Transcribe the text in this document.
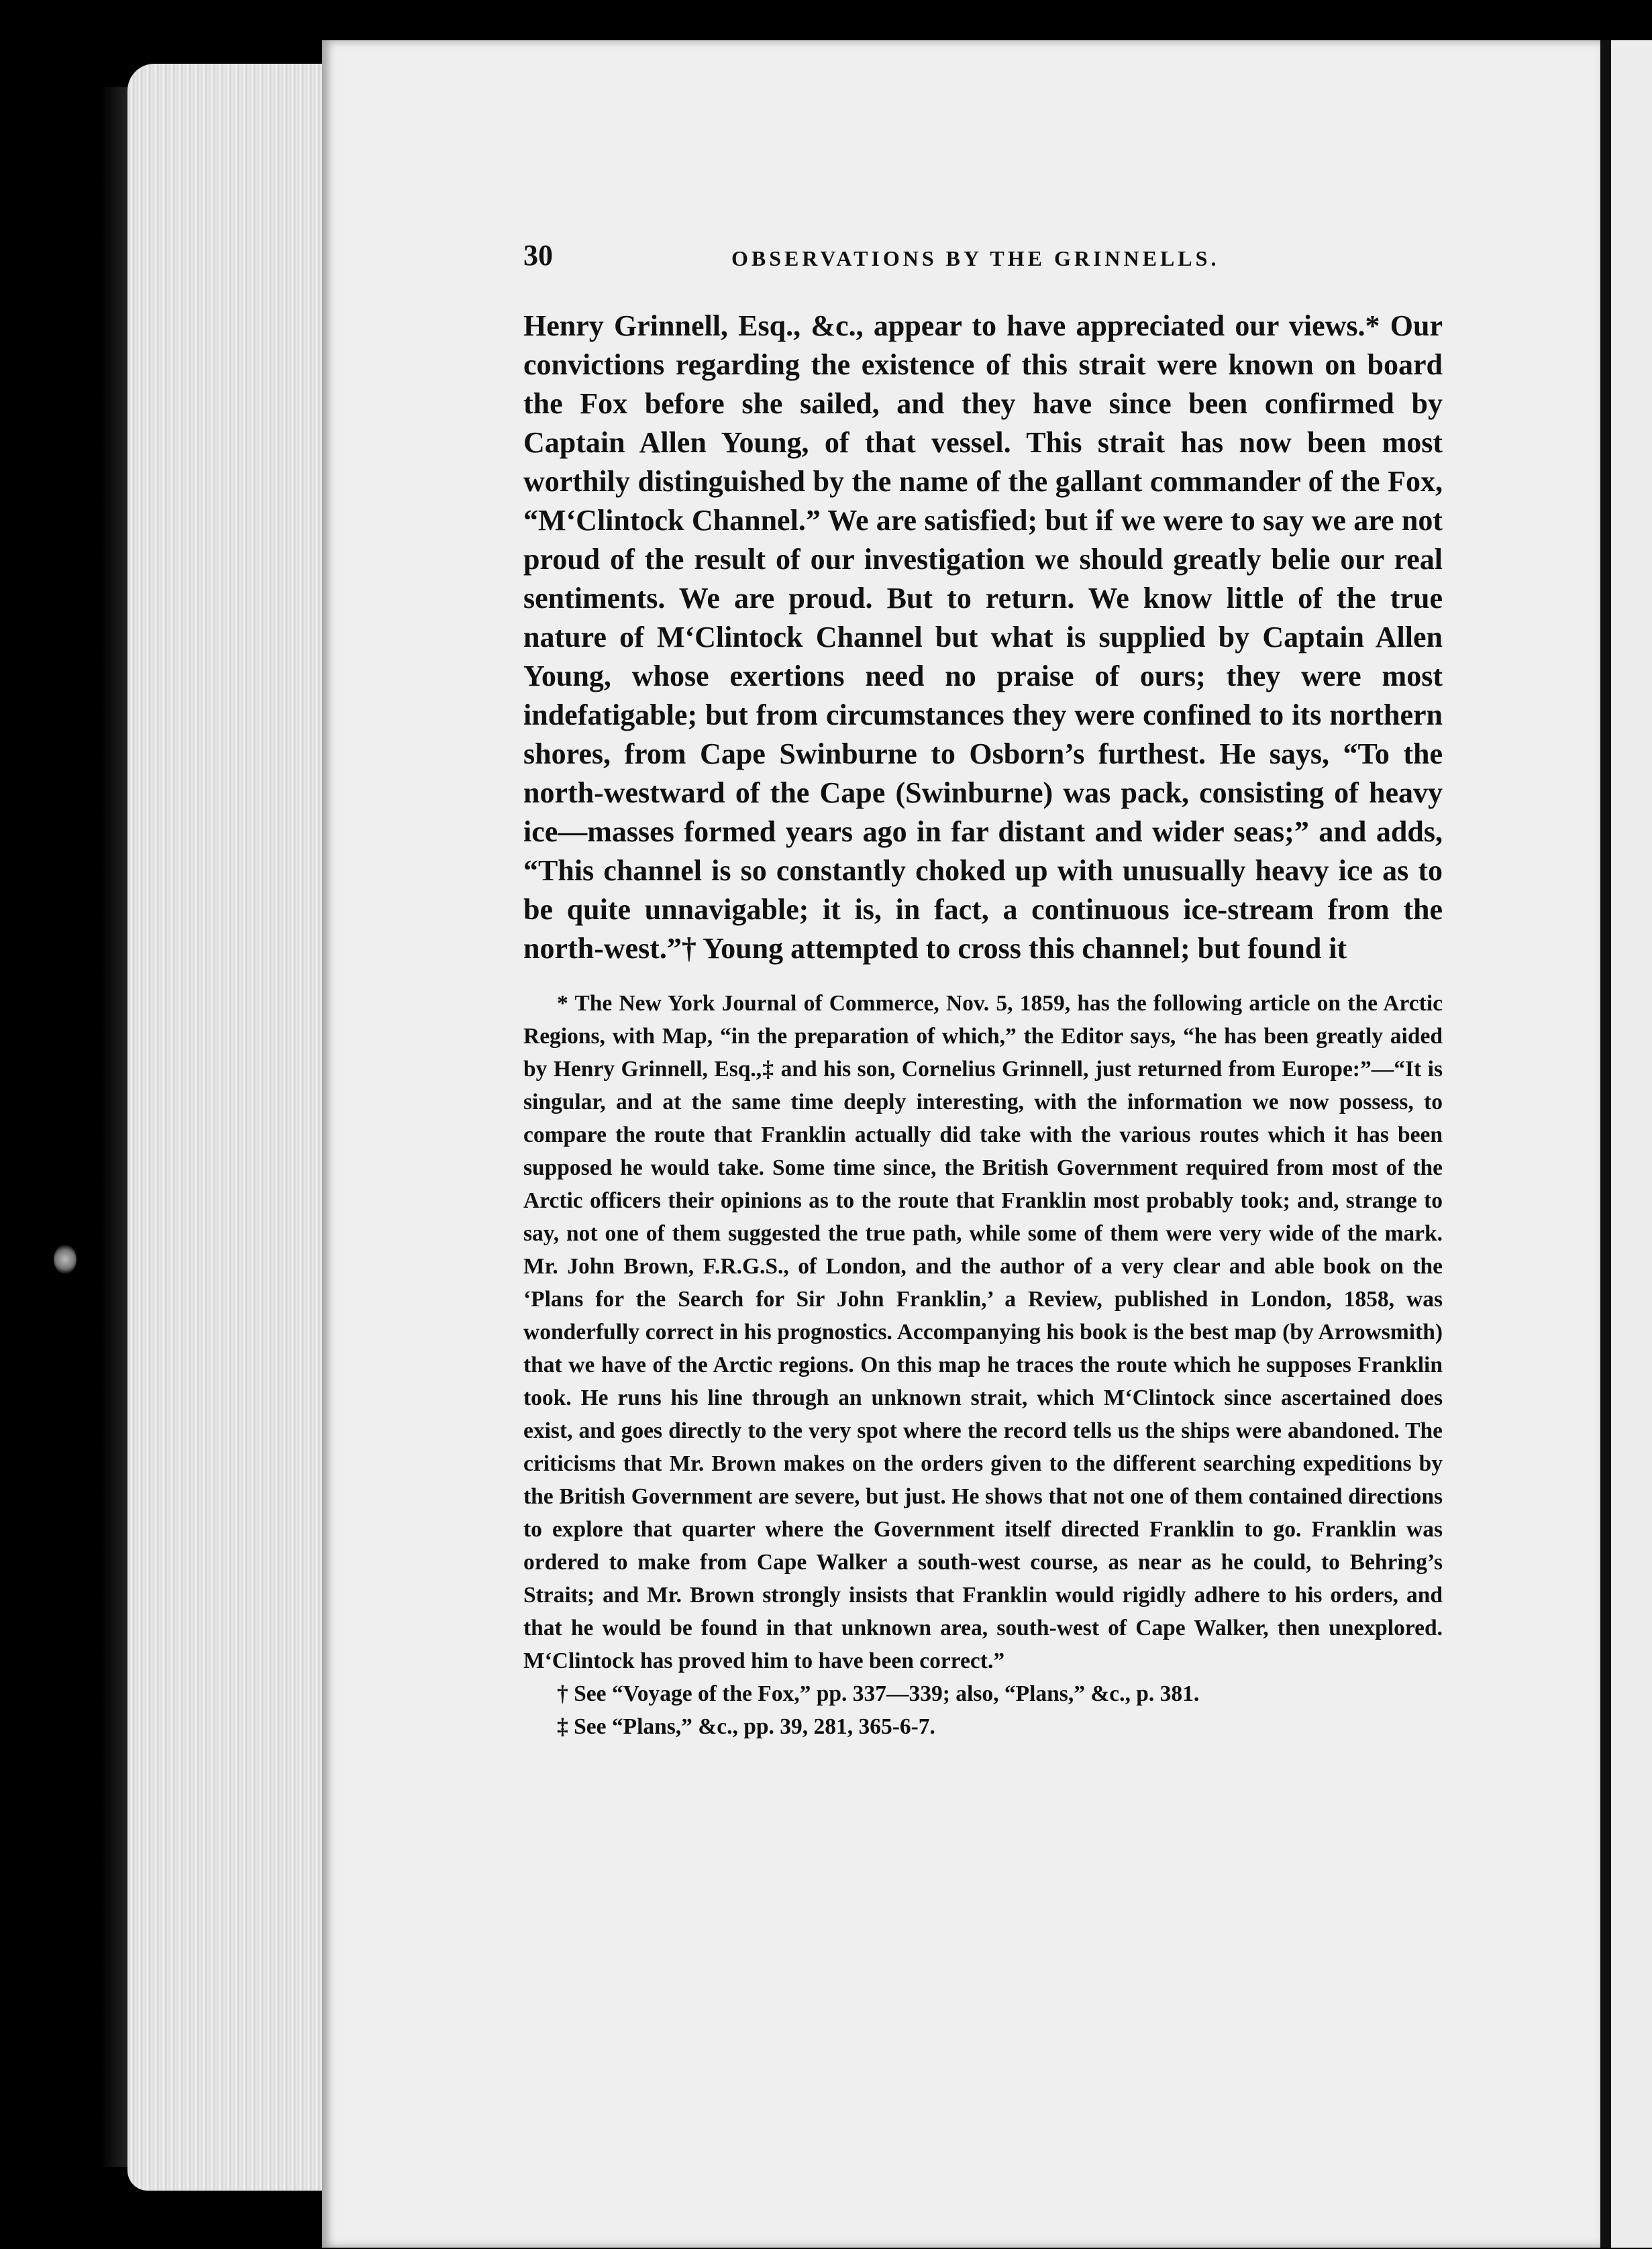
30	OBSERVATIONS BY THE GRINNELLS.

Henry Grinnell, Esq., &c., appear to have appreciated our views.* Our convictions regarding the existence of this strait were known on board the Fox before she sailed, and they have since been confirmed by Captain Allen Young, of that vessel. This strait has now been most worthily distinguished by the name of the gallant commander of the Fox, “M‘Clintock Channel.” We are satisfied; but if we were to say we are not proud of the result of our investigation we should greatly belie our real sentiments. We are proud. But to return. We know little of the true nature of M‘Clintock Channel but what is supplied by Captain Allen Young, whose exertions need no praise of ours; they were most indefatigable; but from circumstances they were confined to its northern shores, from Cape Swinburne to Osborn’s furthest. He says, “To the north-westward of the Cape (Swinburne) was pack, consisting of heavy ice—masses formed years ago in far distant and wider seas;” and adds, “This channel is so constantly choked up with unusually heavy ice as to be quite unnavigable; it is, in fact, a continuous ice-stream from the north-west.”† Young attempted to cross this channel; but found it

* The New York Journal of Commerce, Nov. 5, 1859, has the following article on the Arctic Regions, with Map, “in the preparation of which,” the Editor says, “he has been greatly aided by Henry Grinnell, Esq.,‡ and his son, Cornelius Grinnell, just returned from Europe:”—“It is singular, and at the same time deeply interesting, with the information we now possess, to compare the route that Franklin actually did take with the various routes which it has been supposed he would take. Some time since, the British Government required from most of the Arctic officers their opinions as to the route that Franklin most probably took; and, strange to say, not one of them suggested the true path, while some of them were very wide of the mark. Mr. John Brown, F.R.G.S., of London, and the author of a very clear and able book on the ‘Plans for the Search for Sir John Franklin,’ a Review, published in London, 1858, was wonderfully correct in his prognostics. Accompanying his book is the best map (by Arrowsmith) that we have of the Arctic regions. On this map he traces the route which he supposes Franklin took. He runs his line through an unknown strait, which M‘Clintock since ascertained does exist, and goes directly to the very spot where the record tells us the ships were abandoned. The criticisms that Mr. Brown makes on the orders given to the different searching expeditions by the British Government are severe, but just. He shows that not one of them contained directions to explore that quarter where the Government itself directed Franklin to go. Franklin was ordered to make from Cape Walker a south-west course, as near as he could, to Behring’s Straits; and Mr. Brown strongly insists that Franklin would rigidly adhere to his orders, and that he would be found in that unknown area, south-west of Cape Walker, then unexplored. M‘Clintock has proved him to have been correct.”

† See “Voyage of the Fox,” pp. 337—339; also, “Plans,” &c., p. 381.

‡ See “Plans,” &c., pp. 39, 281, 365-6-7.
